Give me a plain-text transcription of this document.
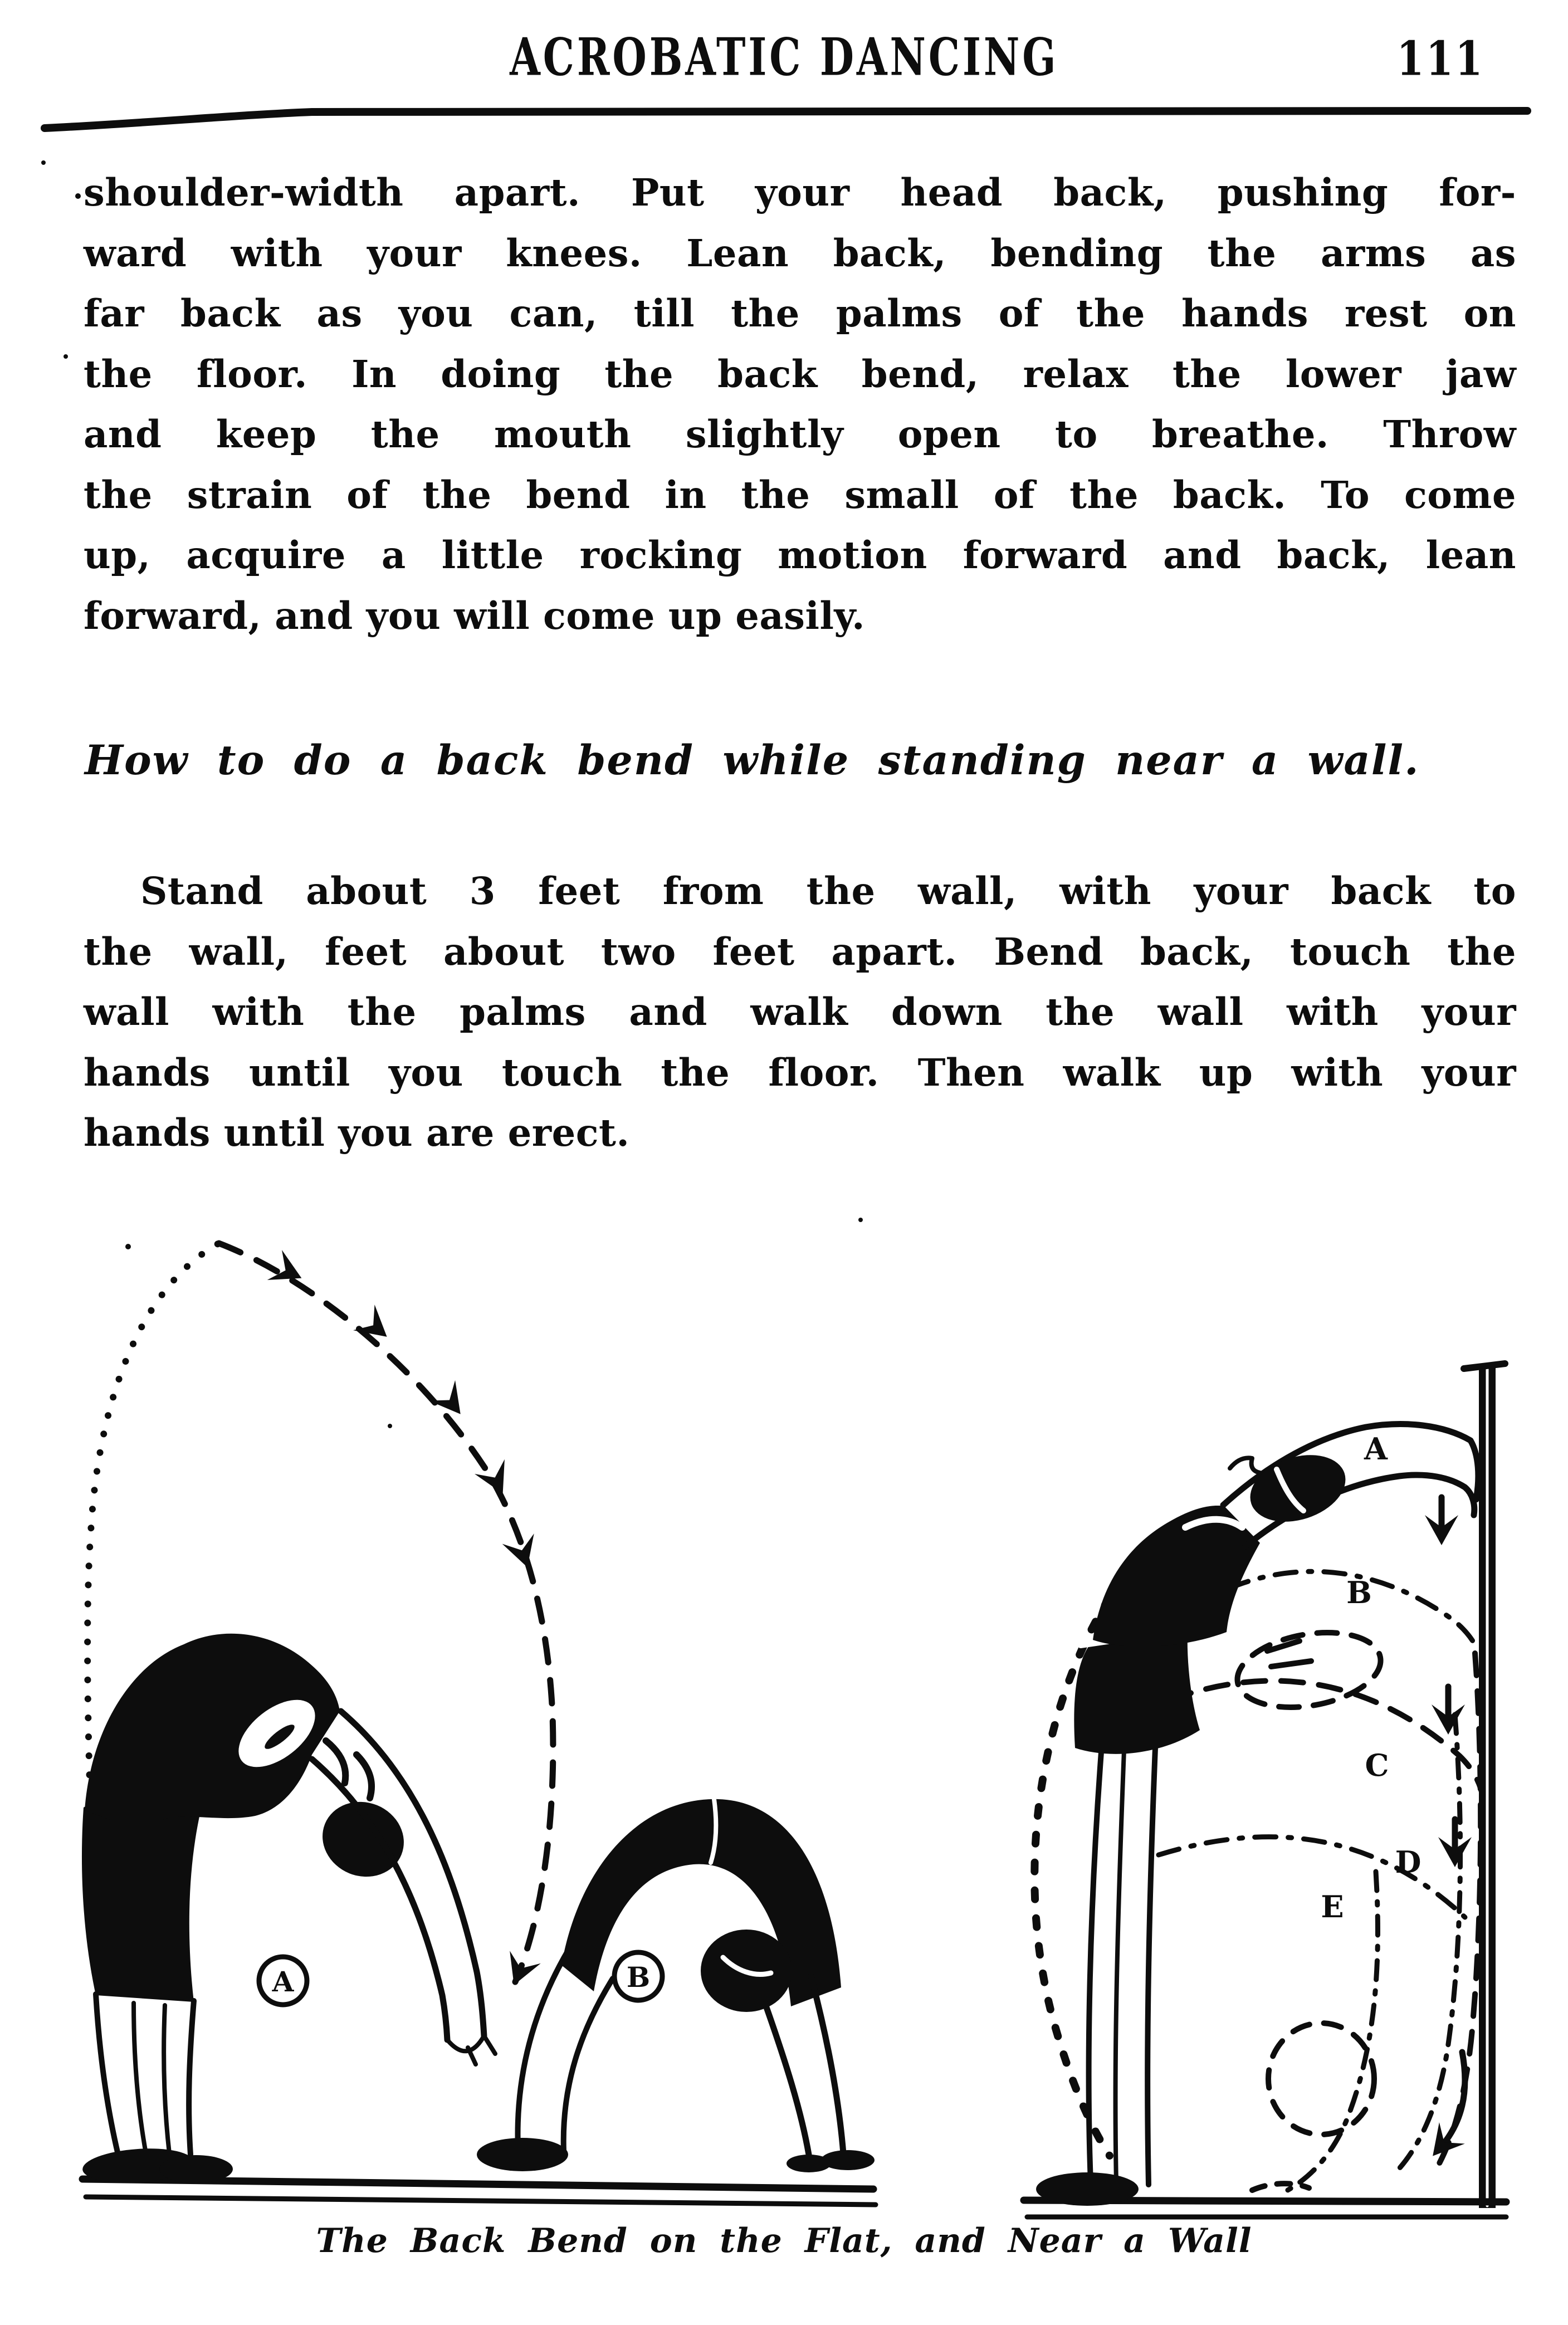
ACROBATIC DANCING	111
shoulder-width apart. Put your head back, pushing for-
ward with your knees. Lean back, bending the arms as
far back as you can, till the palms of the hands rest on
the floor. In doing the back bend, relax the lower jaw
and keep the mouth slightly open to breathe. Throw
the strain of the bend in the small of the back. To come
up, acquire a little rocking motion forward and back, lean
forward, and you will come up easily.
How to do a back bend while standing near a wall.
Stand about 3 feet from the wall, with your back to
the wall, feet about two feet apart. Bend back, touch the
wall with the palms and walk down the wall with your
hands until you touch the floor. Then walk up with your
hands until you are erect.
A	B
A
B
C
D
E
The Back Bend on the Flat, and Near a Wall
